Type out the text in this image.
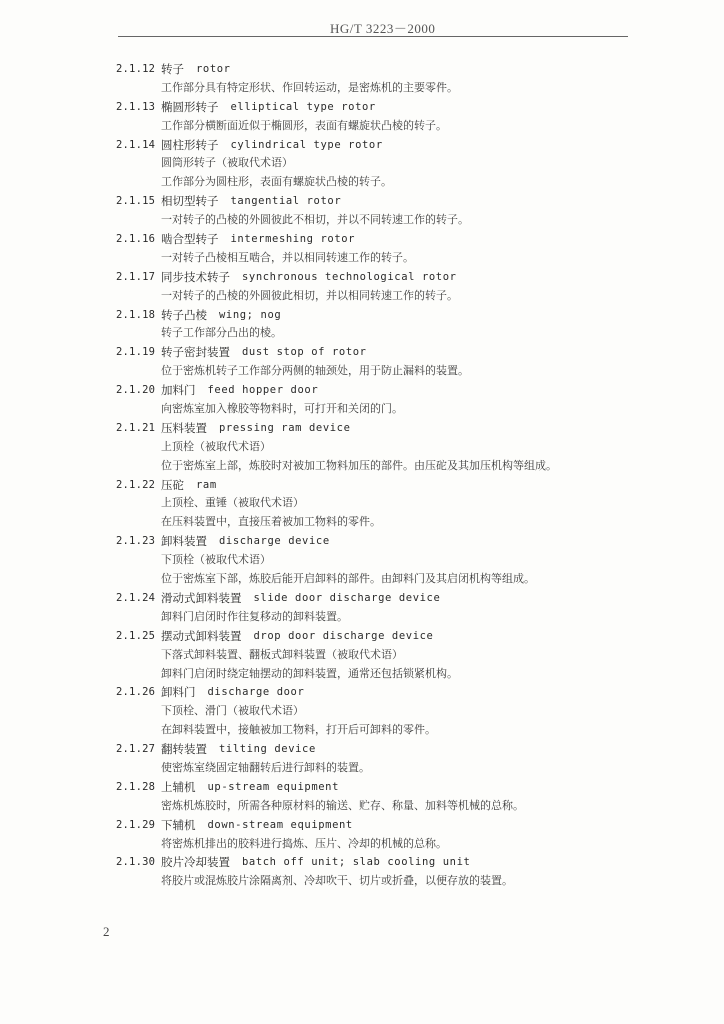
HG/T 3223－2000
2.1.12 转子 rotor
工作部分具有特定形状、作回转运动，是密炼机的主要零件。
2.1.13 椭圆形转子 elliptical type rotor
工作部分横断面近似于椭圆形，表面有螺旋状凸棱的转子。
2.1.14 圆柱形转子 cylindrical type rotor
圆筒形转子（被取代术语）
工作部分为圆柱形，表面有螺旋状凸棱的转子。
2.1.15 相切型转子 tangential rotor
一对转子的凸棱的外圆彼此不相切，并以不同转速工作的转子。
2.1.16 啮合型转子 intermeshing rotor
一对转子凸棱相互啮合，并以相同转速工作的转子。
2.1.17 同步技术转子 synchronous technological rotor
一对转子的凸棱的外圆彼此相切，并以相同转速工作的转子。
2.1.18 转子凸棱 wing; nog
转子工作部分凸出的棱。
2.1.19 转子密封装置 dust stop of rotor
位于密炼机转子工作部分两侧的轴颈处，用于防止漏料的装置。
2.1.20 加料门 feed hopper door
向密炼室加入橡胶等物料时，可打开和关闭的门。
2.1.21 压料装置 pressing ram device
上顶栓（被取代术语）
位于密炼室上部，炼胶时对被加工物料加压的部件。由压砣及其加压机构等组成。
2.1.22 压砣 ram
上顶栓、重锤（被取代术语）
在压料装置中，直接压着被加工物料的零件。
2.1.23 卸料装置 discharge device
下顶栓（被取代术语）
位于密炼室下部，炼胶后能开启卸料的部件。由卸料门及其启闭机构等组成。
2.1.24 滑动式卸料装置 slide door discharge device
卸料门启闭时作往复移动的卸料装置。
2.1.25 摆动式卸料装置 drop door discharge device
下落式卸料装置、翻板式卸料装置（被取代术语）
卸料门启闭时绕定轴摆动的卸料装置，通常还包括锁紧机构。
2.1.26 卸料门 discharge door
下顶栓、滑门（被取代术语）
在卸料装置中，接触被加工物料，打开后可卸料的零件。
2.1.27 翻转装置 tilting device
使密炼室绕固定轴翻转后进行卸料的装置。
2.1.28 上辅机 up-stream equipment
密炼机炼胶时，所需各种原材料的输送、贮存、称量、加料等机械的总称。
2.1.29 下辅机 down-stream equipment
将密炼机排出的胶料进行捣炼、压片、冷却的机械的总称。
2.1.30 胶片冷却装置 batch off unit; slab cooling unit
将胶片或混炼胶片涂隔离剂、冷却吹干、切片或折叠，以便存放的装置。
2
